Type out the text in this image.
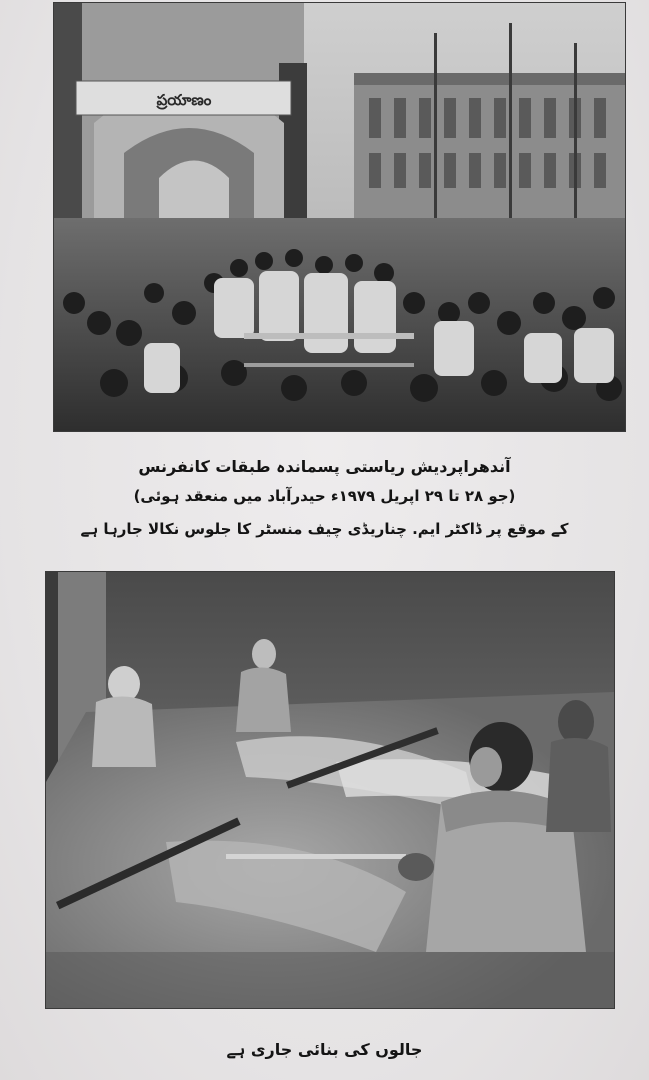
ప్రయాణం
آندھراپردیش ریاستی پسماندہ طبقات کانفرنس
(جو ۲۸ تا ۲۹ اپریل ۱۹۷۹ء حیدرآباد میں منعقد ہوئی)
کے موقع پر ڈاکٹر ایم. چناریڈی چیف منسٹر کا جلوس نکالا جارہا ہے
جالوں کی بنائی جاری ہے
